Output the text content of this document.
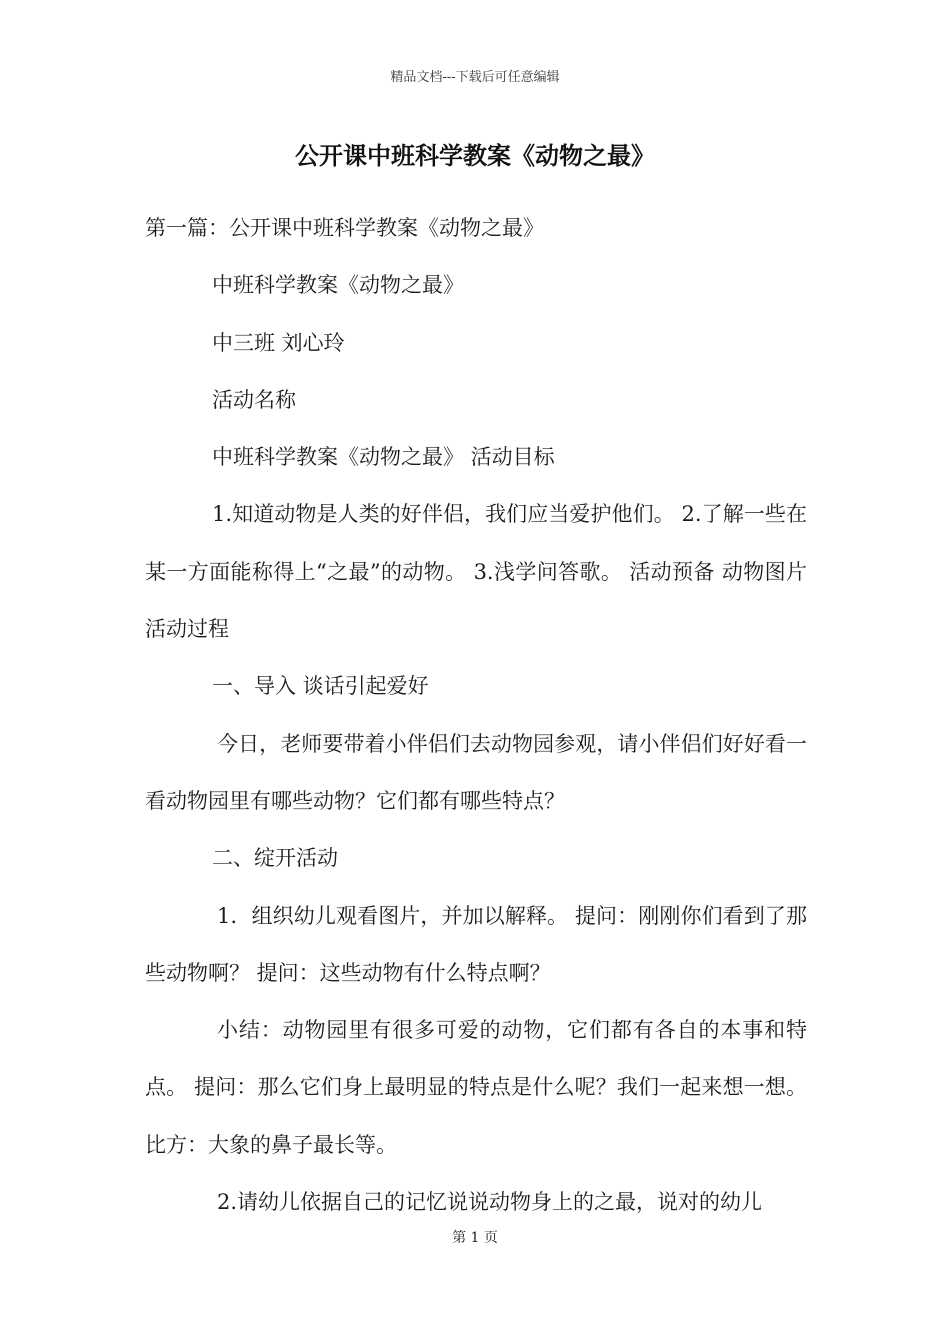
精品文档---下载后可任意编辑
公开课中班科学教案《动物之最》

第一篇：公开课中班科学教案《动物之最》

中班科学教案《动物之最》

中三班 刘心玲

活动名称

中班科学教案《动物之最》 活动目标

1.知道动物是人类的好伴侣，我们应当爱护他们。 2.了解一些在某一方面能称得上“之最”的动物。 3.浅学问答歌。 活动预备 动物图片 活动过程

一、导入 谈话引起爱好

今日，老师要带着小伴侣们去动物园参观，请小伴侣们好好看一看动物园里有哪些动物？它们都有哪些特点？

二、绽开活动

1．组织幼儿观看图片，并加以解释。 提问：刚刚你们看到了那些动物啊？ 提问：这些动物有什么特点啊？

小结：动物园里有很多可爱的动物，它们都有各自的本事和特点。 提问：那么它们身上最明显的特点是什么呢？我们一起来想一想。比方：大象的鼻子最长等。

2.请幼儿依据自己的记忆说说动物身上的之最，说对的幼儿

第 1 页
